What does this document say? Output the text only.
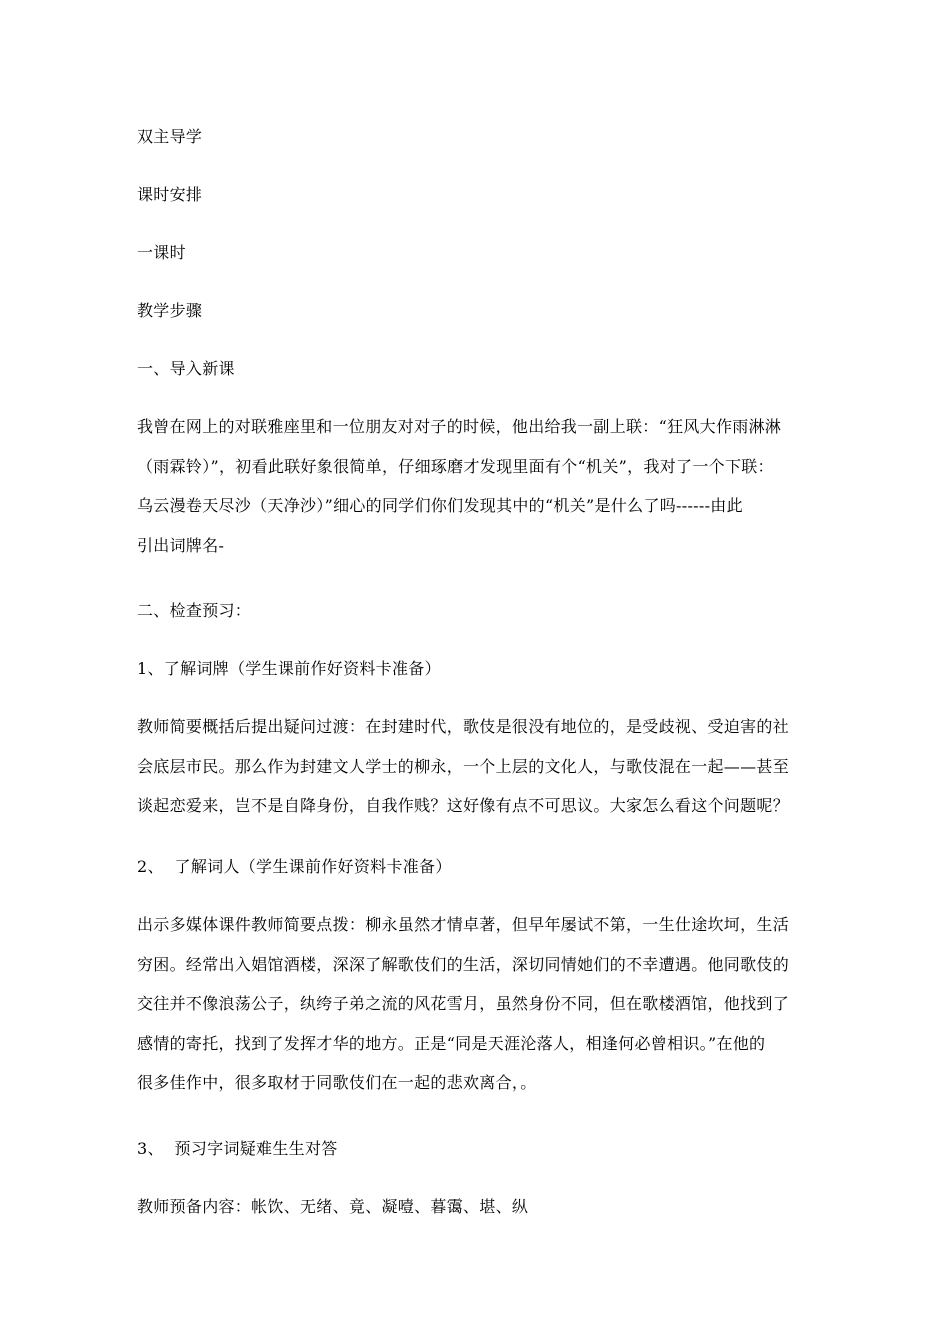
双主导学
课时安排
一课时
教学步骤
一、导入新课
我曾在网上的对联雅座里和一位朋友对对子的时候，他出给我一副上联：“狂风大作雨淋淋
（雨霖铃）”，初看此联好象很简单，仔细琢磨才发现里面有个“机关”，我对了一个下联：
乌云漫卷天尽沙（天净沙）”细心的同学们你们发现其中的“机关”是什么了吗------由此
引出词牌名-
二、检查预习：
1、了解词牌（学生课前作好资料卡准备）
教师简要概括后提出疑问过渡：在封建时代，歌伎是很没有地位的，是受歧视、受迫害的社
会底层市民。那么作为封建文人学士的柳永，一个上层的文化人，与歌伎混在一起——甚至
谈起恋爱来，岂不是自降身份，自我作贱？这好像有点不可思议。大家怎么看这个问题呢？
2、  了解词人（学生课前作好资料卡准备）
出示多媒体课件教师简要点拨：柳永虽然才情卓著，但早年屡试不第，一生仕途坎坷，生活
穷困。经常出入娼馆酒楼，深深了解歌伎们的生活，深切同情她们的不幸遭遇。他同歌伎的
交往并不像浪荡公子，纨绔子弟之流的风花雪月，虽然身份不同，但在歌楼酒馆，他找到了
感情的寄托，找到了发挥才华的地方。正是“同是天涯沦落人，相逢何必曾相识。”在他的
很多佳作中，很多取材于同歌伎们在一起的悲欢离合，。
3、  预习字词疑难生生对答
教师预备内容：帐饮、无绪、竟、凝噎、暮霭、堪、纵
